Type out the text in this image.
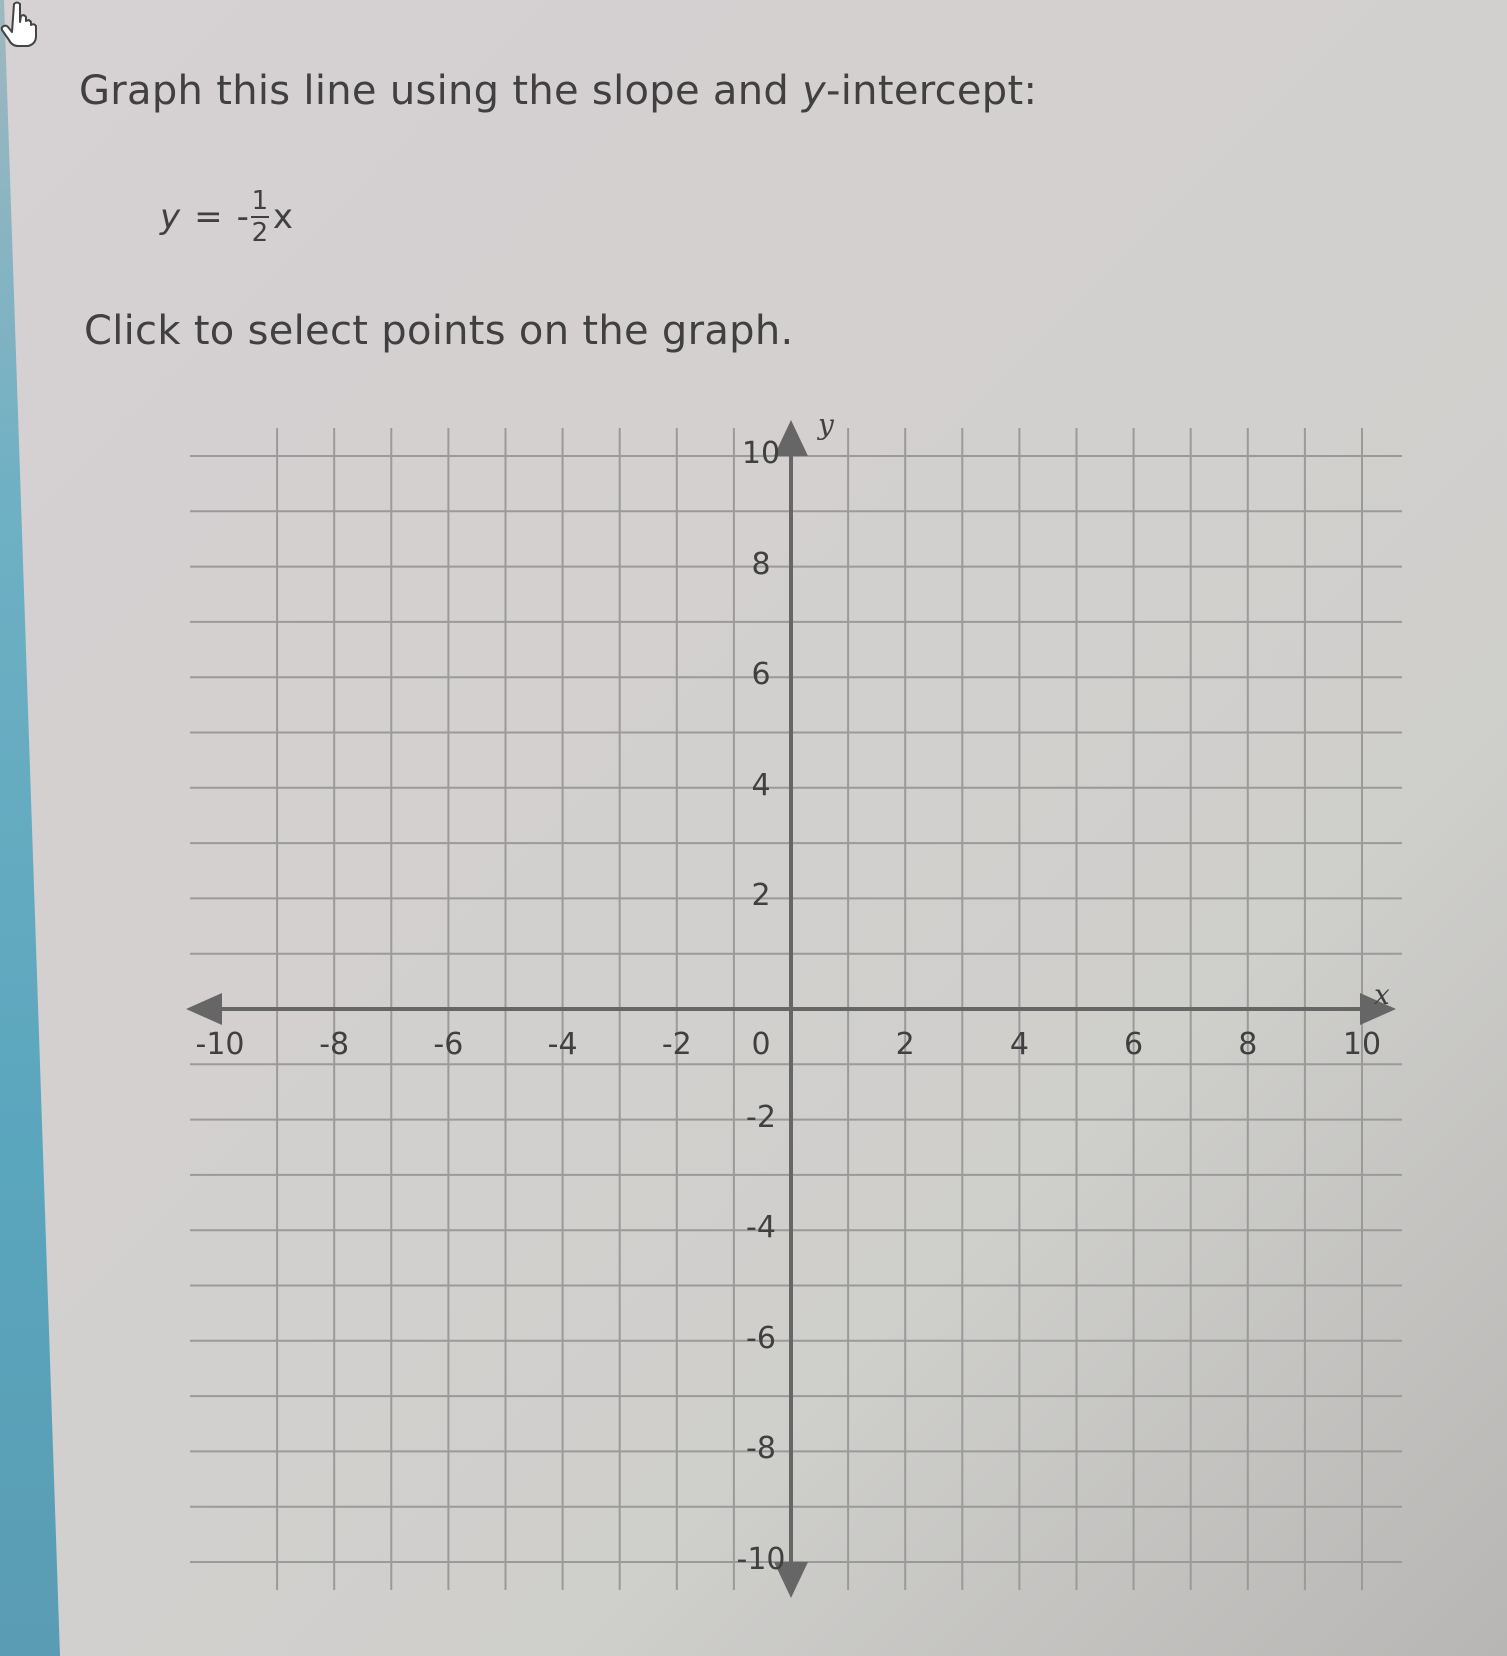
Graph this line using the slope and y-intercept:
y = - $\frac{1}{2}$ x
Click to select points on the graph.
y
x
-10 -8	-6	-4	-2 0	2	4	6	8	10
10
8
6
4
2
-2
-4
-6
-8
-10
